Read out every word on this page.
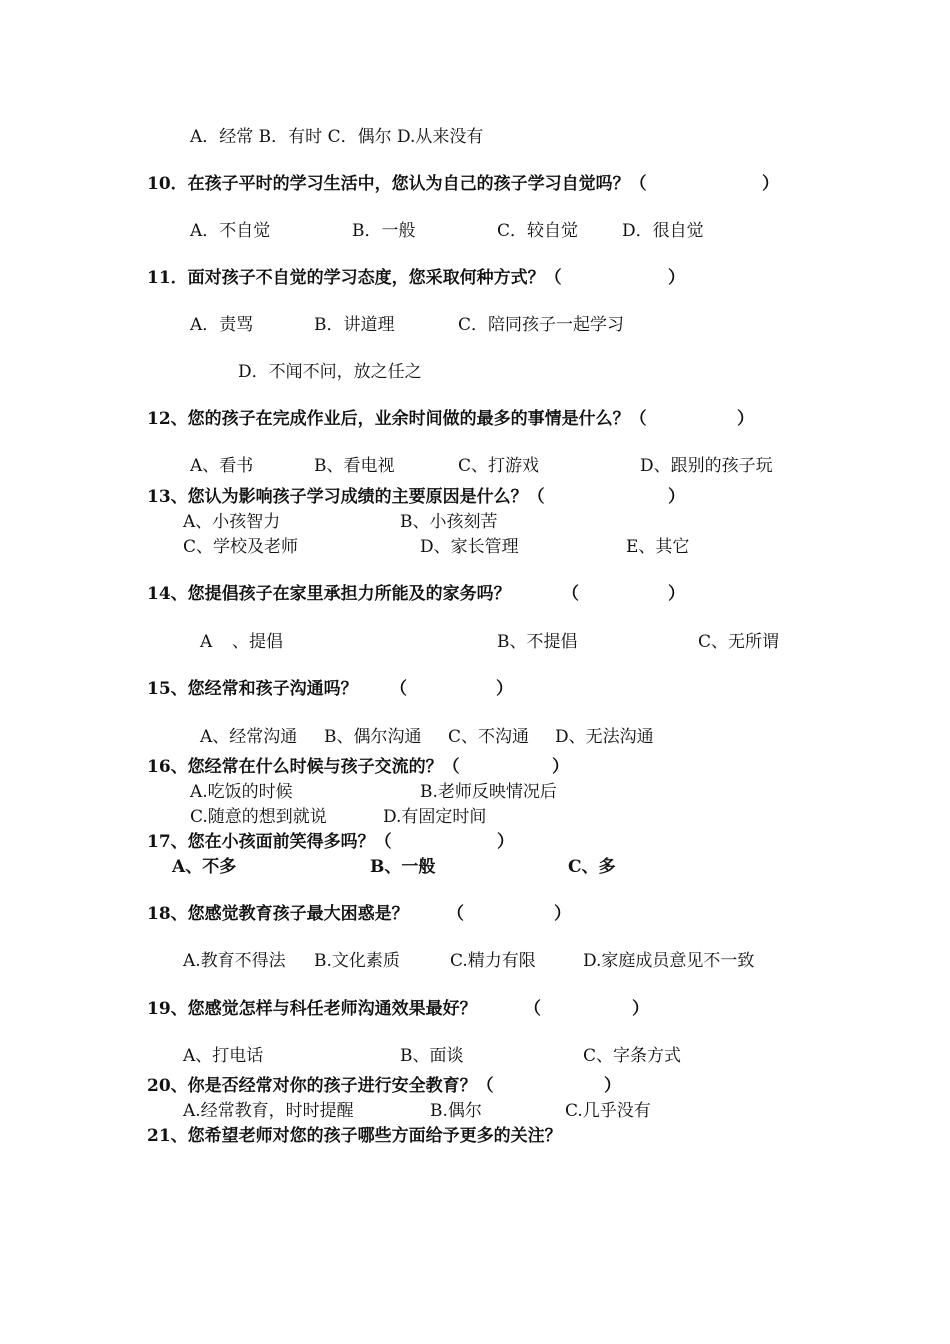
A．经常 B．有时 C．偶尔 D.从来没有
10．在孩子平时的学习生活中，您认为自己的孩子学习自觉吗？（	）
A．不自觉	B．一般	C．较自觉	D．很自觉
11．面对孩子不自觉的学习态度，您采取何种方式？（	）
A．责骂	B．讲道理	C．陪同孩子一起学习
D．不闻不问，放之任之
12、您的孩子在完成作业后，业余时间做的最多的事情是什么？（	）
A、看书	B、看电视	C、打游戏	D、跟别的孩子玩
13、您认为影响孩子学习成绩的主要原因是什么？（	）
A、小孩智力	B、小孩刻苦
C、学校及老师	D、家长管理	E、其它
14、您提倡孩子在家里承担力所能及的家务吗？	（	）
A 、提倡	B、不提倡	C、无所谓
15、您经常和孩子沟通吗？ （	）
A、经常沟通 B、偶尔沟通 C、不沟通 D、无法沟通
16、您经常在什么时候与孩子交流的？（	）
A.吃饭的时候	B.老师反映情况后
C.随意的想到就说	D.有固定时间
17、您在小孩面前笑得多吗？（	）
A、不多	B、一般	C、多
18、您感觉教育孩子最大困惑是？ （	）
A.教育不得法 B.文化素质	C.精力有限	D.家庭成员意见不一致
19、您感觉怎样与科任老师沟通效果最好？	（	）
A、打电话	B、面谈	C、字条方式
20、你是否经常对你的孩子进行安全教育？（	）
A.经常教育，时时提醒	B.偶尔	C.几乎没有
21、您希望老师对您的孩子哪些方面给予更多的关注？
